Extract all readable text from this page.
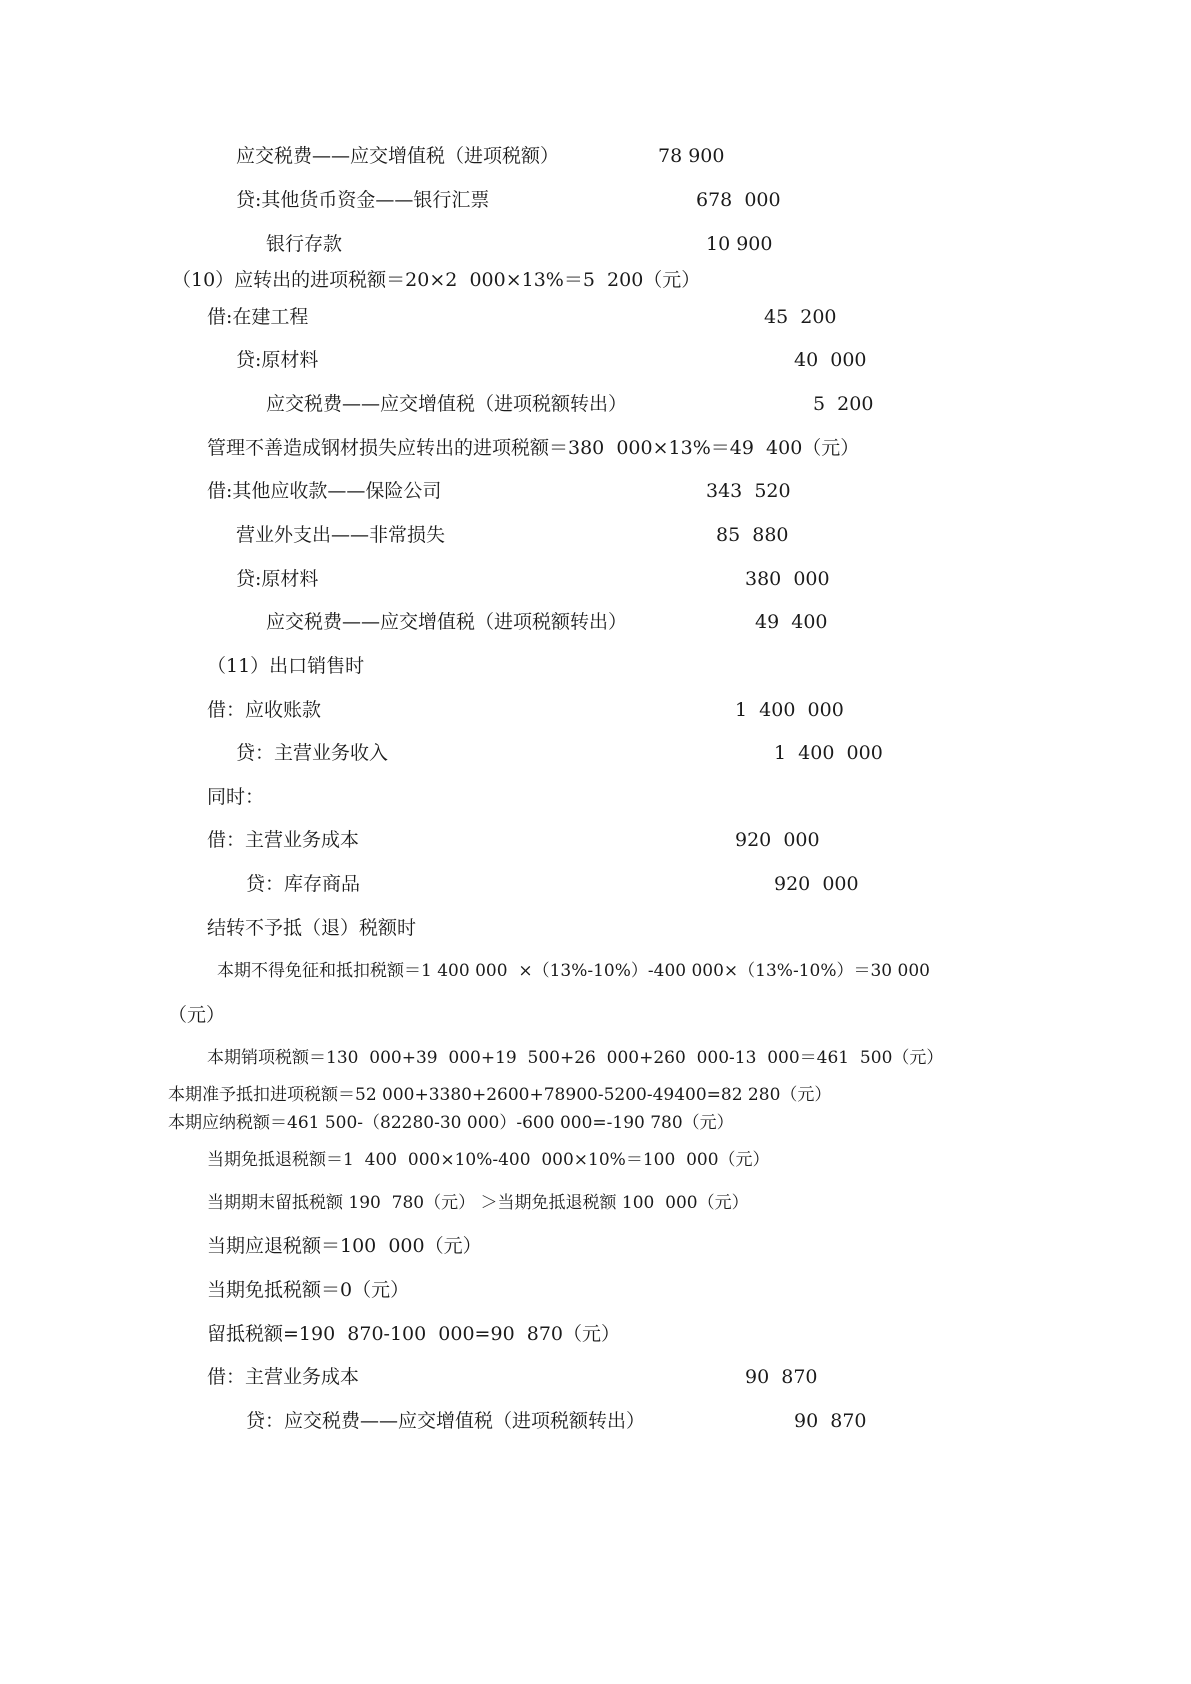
应交税费——应交增值税（进项税额）	78 900
贷:其他货币资金——银行汇票	678  000
银行存款	10 900
（10）应转出的进项税额＝20×2  000×13%＝5  200（元）
借:在建工程	45  200
贷:原材料	40  000
应交税费——应交增值税（进项税额转出）	5  200
管理不善造成钢材损失应转出的进项税额＝380  000×13%＝49  400（元）
借:其他应收款——保险公司	343  520
营业外支出——非常损失	85  880
贷:原材料	380  000
应交税费——应交增值税（进项税额转出）	49  400
（11）出口销售时
借：应收账款	1  400  000
贷：主营业务收入	1  400  000
同时：
借：主营业务成本	920  000
贷：库存商品	920  000
结转不予抵（退）税额时
本期不得免征和抵扣税额＝1 400 000  ×（13%-10%）-400 000×（13%-10%）＝30 000
（元）
本期销项税额＝130  000+39  000+19  500+26  000+260  000-13  000＝461  500（元）
本期准予抵扣进项税额＝52 000+3380+2600+78900-5200-49400=82 280（元）
本期应纳税额＝461 500-（82280-30 000）-600 000=-190 780（元）
当期免抵退税额＝1  400  000×10%-400  000×10%＝100  000（元）
当期期末留抵税额 190  780（元） ＞当期免抵退税额 100  000（元）
当期应退税额＝100  000（元）
当期免抵税额＝0（元）
留抵税额=190  870-100  000=90  870（元）
借：主营业务成本	90  870
贷：应交税费——应交增值税（进项税额转出）	90  870
